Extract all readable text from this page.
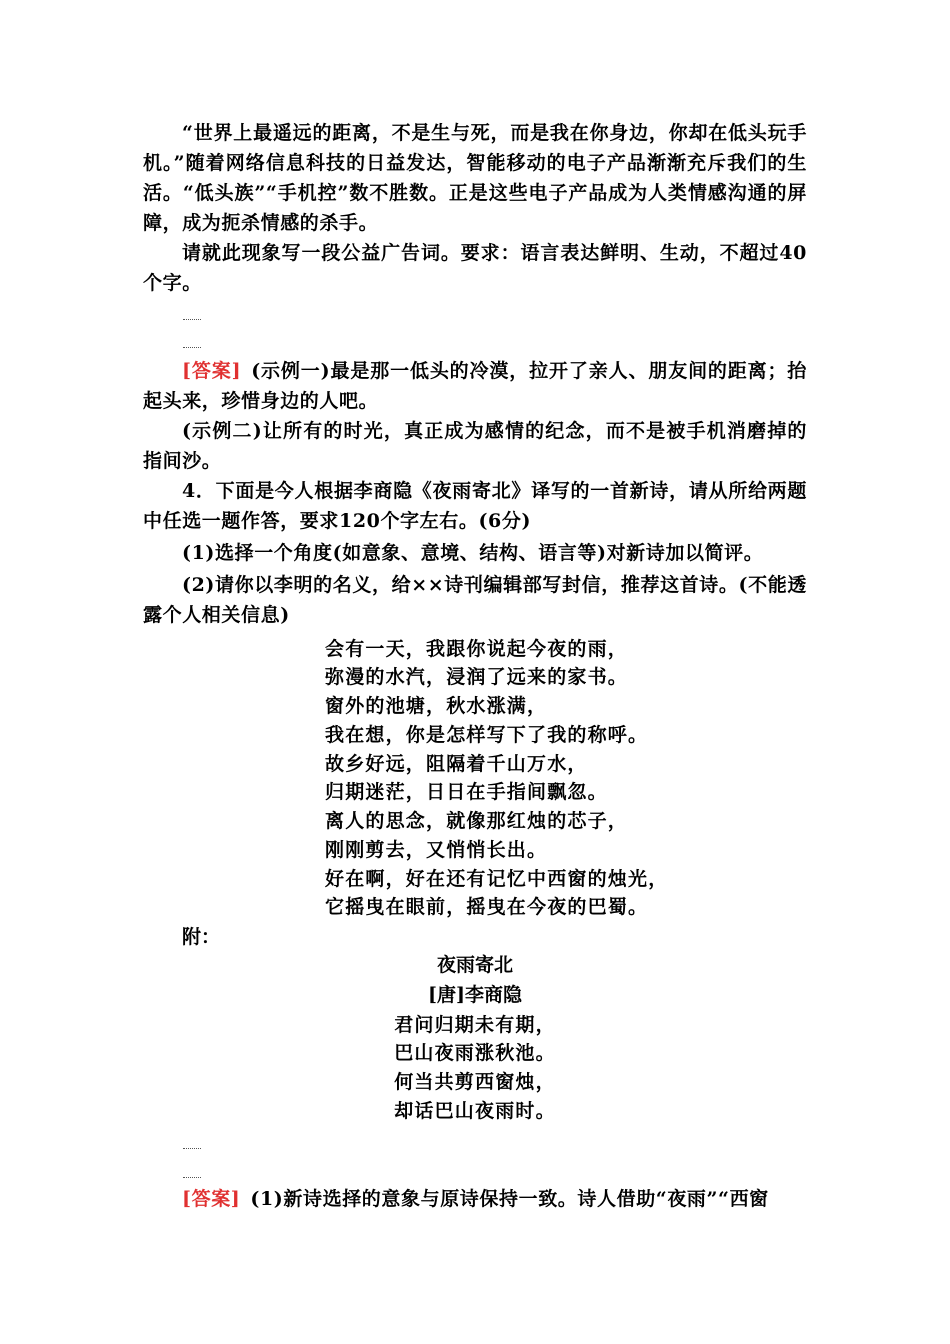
“世界上最遥远的距离，不是生与死，而是我在你身边，你却在低头玩手机。”随着网络信息科技的日益发达，智能移动的电子产品渐渐充斥我们的生活。“低头族”“手机控”数不胜数。正是这些电子产品成为人类情感沟通的屏障，成为扼杀情感的杀手。

请就此现象写一段公益广告词。要求：语言表达鲜明、生动，不超过40个字。

[答案] (示例一)最是那一低头的冷漠，拉开了亲人、朋友间的距离；抬起头来，珍惜身边的人吧。

(示例二)让所有的时光，真正成为感情的纪念，而不是被手机消磨掉的指间沙。

4．下面是今人根据李商隐《夜雨寄北》译写的一首新诗，请从所给两题中任选一题作答，要求120个字左右。(6分)

(1)选择一个角度(如意象、意境、结构、语言等)对新诗加以简评。

(2)请你以李明的名义，给××诗刊编辑部写封信，推荐这首诗。(不能透露个人相关信息)

会有一天，我跟你说起今夜的雨，

弥漫的水汽，浸润了远来的家书。

窗外的池塘，秋水涨满，

我在想，你是怎样写下了我的称呼。

故乡好远，阻隔着千山万水，

归期迷茫，日日在手指间飘忽。

离人的思念，就像那红烛的芯子，

刚刚剪去，又悄悄长出。

好在啊，好在还有记忆中西窗的烛光，

它摇曳在眼前，摇曳在今夜的巴蜀。

附：

夜雨寄北

[唐]李商隐

君问归期未有期，

巴山夜雨涨秋池。

何当共剪西窗烛，

却话巴山夜雨时。

[答案] (1)新诗选择的意象与原诗保持一致。诗人借助“夜雨”“西窗
